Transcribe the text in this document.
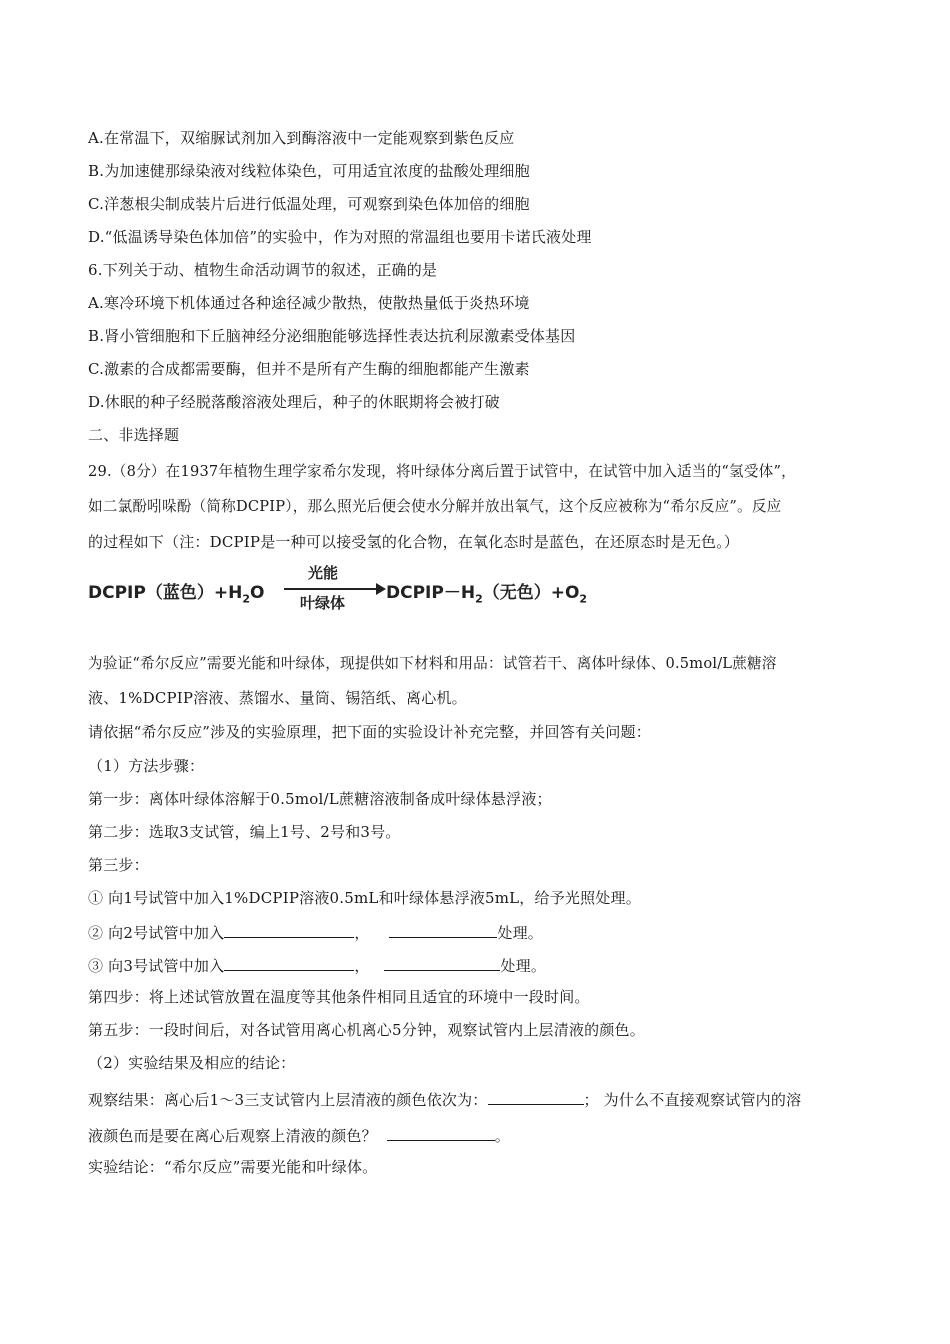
A.在常温下，双缩脲试剂加入到酶溶液中一定能观察到紫色反应
B.为加速健那绿染液对线粒体染色，可用适宜浓度的盐酸处理细胞
C.洋葱根尖制成装片后进行低温处理，可观察到染色体加倍的细胞
D.“低温诱导染色体加倍”的实验中，作为对照的常温组也要用卡诺氏液处理
6.下列关于动、植物生命活动调节的叙述，正确的是
A.寒冷环境下机体通过各种途径减少散热，使散热量低于炎热环境
B.肾小管细胞和下丘脑神经分泌细胞能够选择性表达抗利尿激素受体基因
C.激素的合成都需要酶，但并不是所有产生酶的细胞都能产生激素
D.休眠的种子经脱落酸溶液处理后，种子的休眠期将会被打破
二、非选择题
29.（8分）在1937年植物生理学家希尔发现，将叶绿体分离后置于试管中，在试管中加入适当的“氢受体”，
如二氯酚吲哚酚（简称DCPIP），那么照光后便会使水分解并放出氧气，这个反应被称为“希尔反应”。反应
的过程如下（注：DCPIP是一种可以接受氢的化合物，在氧化态时是蓝色，在还原态时是无色。）
DCPIP（蓝色）$+H_2O$
光能
叶绿体 $DCPIP-H_2$（无色）$+O_2$
为验证“希尔反应”需要光能和叶绿体，现提供如下材料和用品：试管若干、离体叶绿体、0.5mol/L蔗糖溶
液、1%DCPIP溶液、蒸馏水、量筒、锡箔纸、离心机。
请依据“希尔反应”涉及的实验原理，把下面的实验设计补充完整，并回答有关问题：
（1）方法步骤：
第一步：离体叶绿体溶解于0.5mol/L蔗糖溶液制备成叶绿体悬浮液；
第二步：选取3支试管，编上1号、2号和3号。
第三步：
① 向1号试管中加入1%DCPIP溶液0.5mL和叶绿体悬浮液5mL，给予光照处理。
② 向2号试管中加入	，	处理。
③ 向3号试管中加入	，	处理。
第四步：将上述试管放置在温度等其他条件相同且适宜的环境中一段时间。
第五步：一段时间后，对各试管用离心机离心5分钟，观察试管内上层清液的颜色。
（2）实验结果及相应的结论：
观察结果：离心后1～3三支试管内上层清液的颜色依次为：	； 为什么不直接观察试管内的溶
液颜色而是要在离心后观察上清液的颜色？	。
实验结论：“希尔反应”需要光能和叶绿体。
